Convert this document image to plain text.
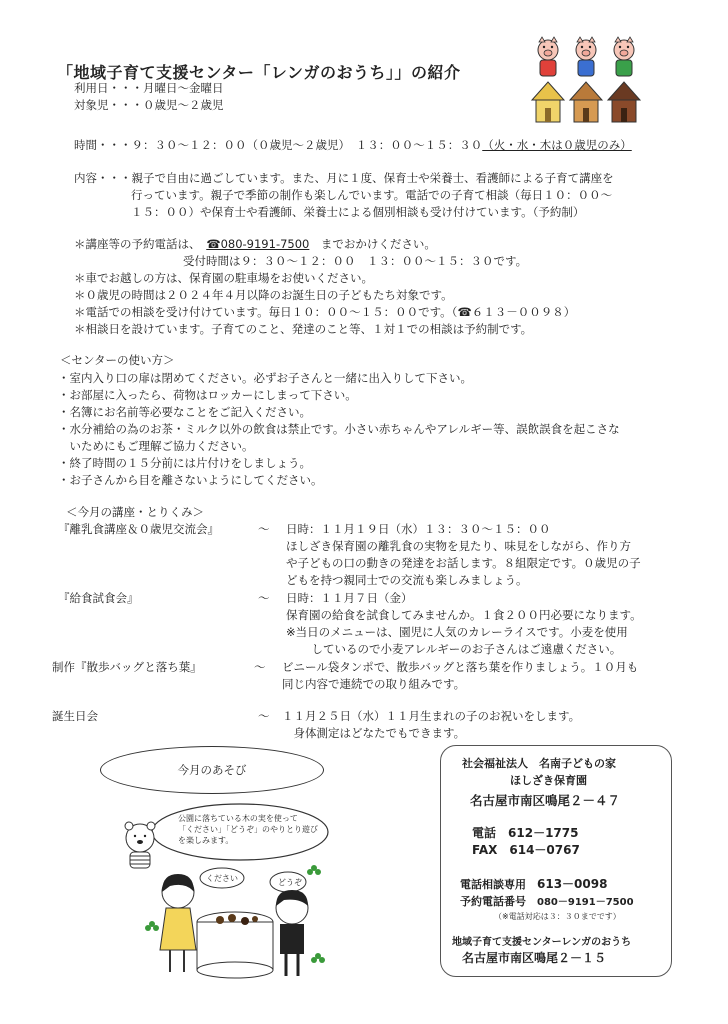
「地域子育て支援センター「レンガのおうち」」の紹介
利用日・・・月曜日～金曜日
対象児・・・０歳児～２歳児
時間・・・９：３０～１２：００（０歳児～２歳児）　１３：００～１５：３０（火・水・木は０歳児のみ）
内容・・・親子で自由に過ごしています。また、月に１度、保育士や栄養士、看護師による子育て講座を
行っています。親子で季節の制作も楽しんでいます。電話での子育て相談（毎日１０：００～
１５：００）や保育士や看護師、栄養士による個別相談も受け付けています。（予約制）
＊講座等の予約電話は、　 ☎080-9191-7500　 までおかけください。
受付時間は９：３０～１２：００　１３：００～１５：３０です。
＊車でお越しの方は、保育園の駐車場をお使いください。
＊０歳児の時間は２０２４年４月以降のお誕生日の子どもたち対象です。
＊電話での相談を受け付けています。毎日１０：００～１５：００です。（☎６１３－００９８）
＊相談日を設けています。子育てのこと、発達のこと等、１対１での相談は予約制です。
＜センターの使い方＞
・室内入り口の扉は閉めてください。必ずお子さんと一緒に出入りして下さい。
・お部屋に入ったら、荷物はロッカーにしまって下さい。
・名簿にお名前等必要なことをご記入ください。
・水分補給の為のお茶・ミルク以外の飲食は禁止です。小さい赤ちゃんやアレルギー等、誤飲誤食を起こさな
　いためにもご理解ご協力ください。
・終了時間の１５分前には片付けをしましょう。
・お子さんから目を離さないようにしてください。
＜今月の講座・とりくみ＞
『離乳食講座＆０歳児交流会』	～ 日時：１１月１９日（水）１３：３０～１５：００
ほしざき保育園の離乳食の実物を見たり、味見をしながら、作り方
や子どもの口の動きの発達をお話します。８組限定です。０歳児の子
どもを持つ親同士での交流も楽しみましょう。
『給食試食会』	～ 日時：１１月７日（金）
保育園の給食を試食してみませんか。１食２００円必要になります。
※当日のメニューは、園児に人気のカレーライスです。小麦を使用
　しているので小麦アレルギーのお子さんはご遠慮ください。
制作『散歩バッグと落ち葉』	～ ビニール袋タンポで、散歩バッグと落ち葉を作りましょう。１０月も
同じ内容で連続での取り組みです。
誕生日会	～ １１月２５日（水）１１月生まれの子のお祝いをします。
　身体測定はどなたでもできます。
今月のあそび
公園に落ちている木の実を使って
「ください」「どうぞ」のやりとり遊び
を楽しみます。
ください	どうぞ
社会福祉法人　名南子どもの家
ほしざき保育園
名古屋市南区鳴尾２－４７
電話　 612－1775
FAX　 614－0767
電話相談専用　 613－0098
予約電話番号　 080－9191－7500
（※電話対応は３：３０までです）
地域子育て支援センターレンガのおうち
名古屋市南区鳴尾２－１５
